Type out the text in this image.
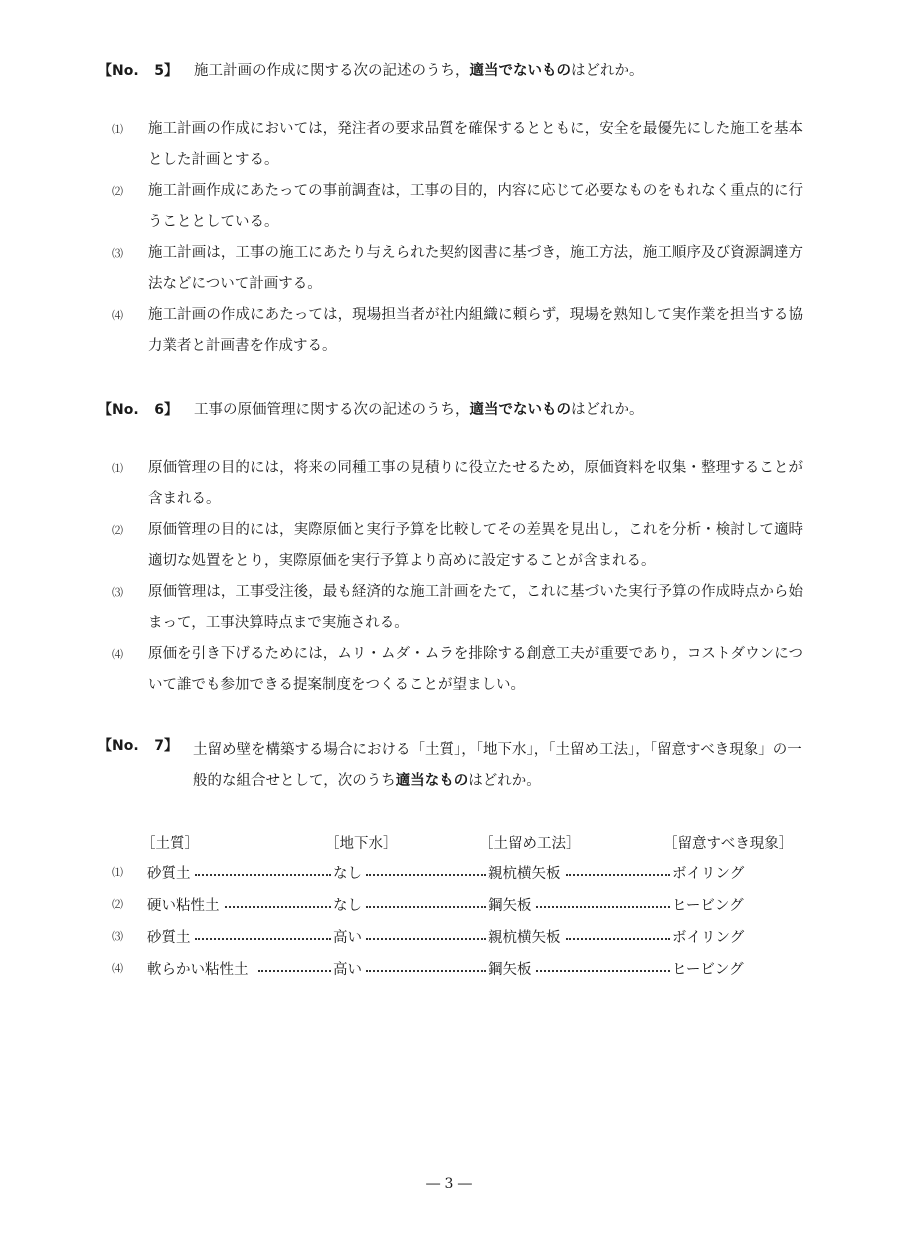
【No.	5】 施工計画の作成に関する次の記述のうち，適当でないものはどれか。
⑴	施工計画の作成においては，発注者の要求品質を確保するとともに，安全を最優先にした施工を基本とした計画とする。
⑵	施工計画作成にあたっての事前調査は，工事の目的，内容に応じて必要なものをもれなく重点的に行うこととしている。
⑶	施工計画は，工事の施工にあたり与えられた契約図書に基づき，施工方法，施工順序及び資源調達方法などについて計画する。
⑷	施工計画の作成にあたっては，現場担当者が社内組織に頼らず，現場を熟知して実作業を担当する協力業者と計画書を作成する。
【No.	6】 工事の原価管理に関する次の記述のうち，適当でないものはどれか。
⑴	原価管理の目的には，将来の同種工事の見積りに役立たせるため，原価資料を収集・整理することが含まれる。
⑵	原価管理の目的には，実際原価と実行予算を比較してその差異を見出し，これを分析・検討して適時適切な処置をとり，実際原価を実行予算より高めに設定することが含まれる。
⑶	原価管理は，工事受注後，最も経済的な施工計画をたて，これに基づいた実行予算の作成時点から始まって，工事決算時点まで実施される。
⑷	原価を引き下げるためには，ムリ・ムダ・ムラを排除する創意工夫が重要であり，コストダウンについて誰でも参加できる提案制度をつくることが望ましい。
【No.	7】 土留め壁を構築する場合における「土質」，「地下水」，「土留め工法」，「留意すべき現象」の一般的な組合せとして，次のうち適当なものはどれか。
［土質］	［地下水］	［土留め工法］	［留意すべき現象］
⑴ 砂質土	なし	親杭横矢板	ボイリング
⑵ 硬い粘性土	なし	鋼矢板	ヒービング
⑶ 砂質土	高い	親杭横矢板	ボイリング
⑷ 軟らかい粘性土	高い	鋼矢板	ヒービング
― 3 ―
